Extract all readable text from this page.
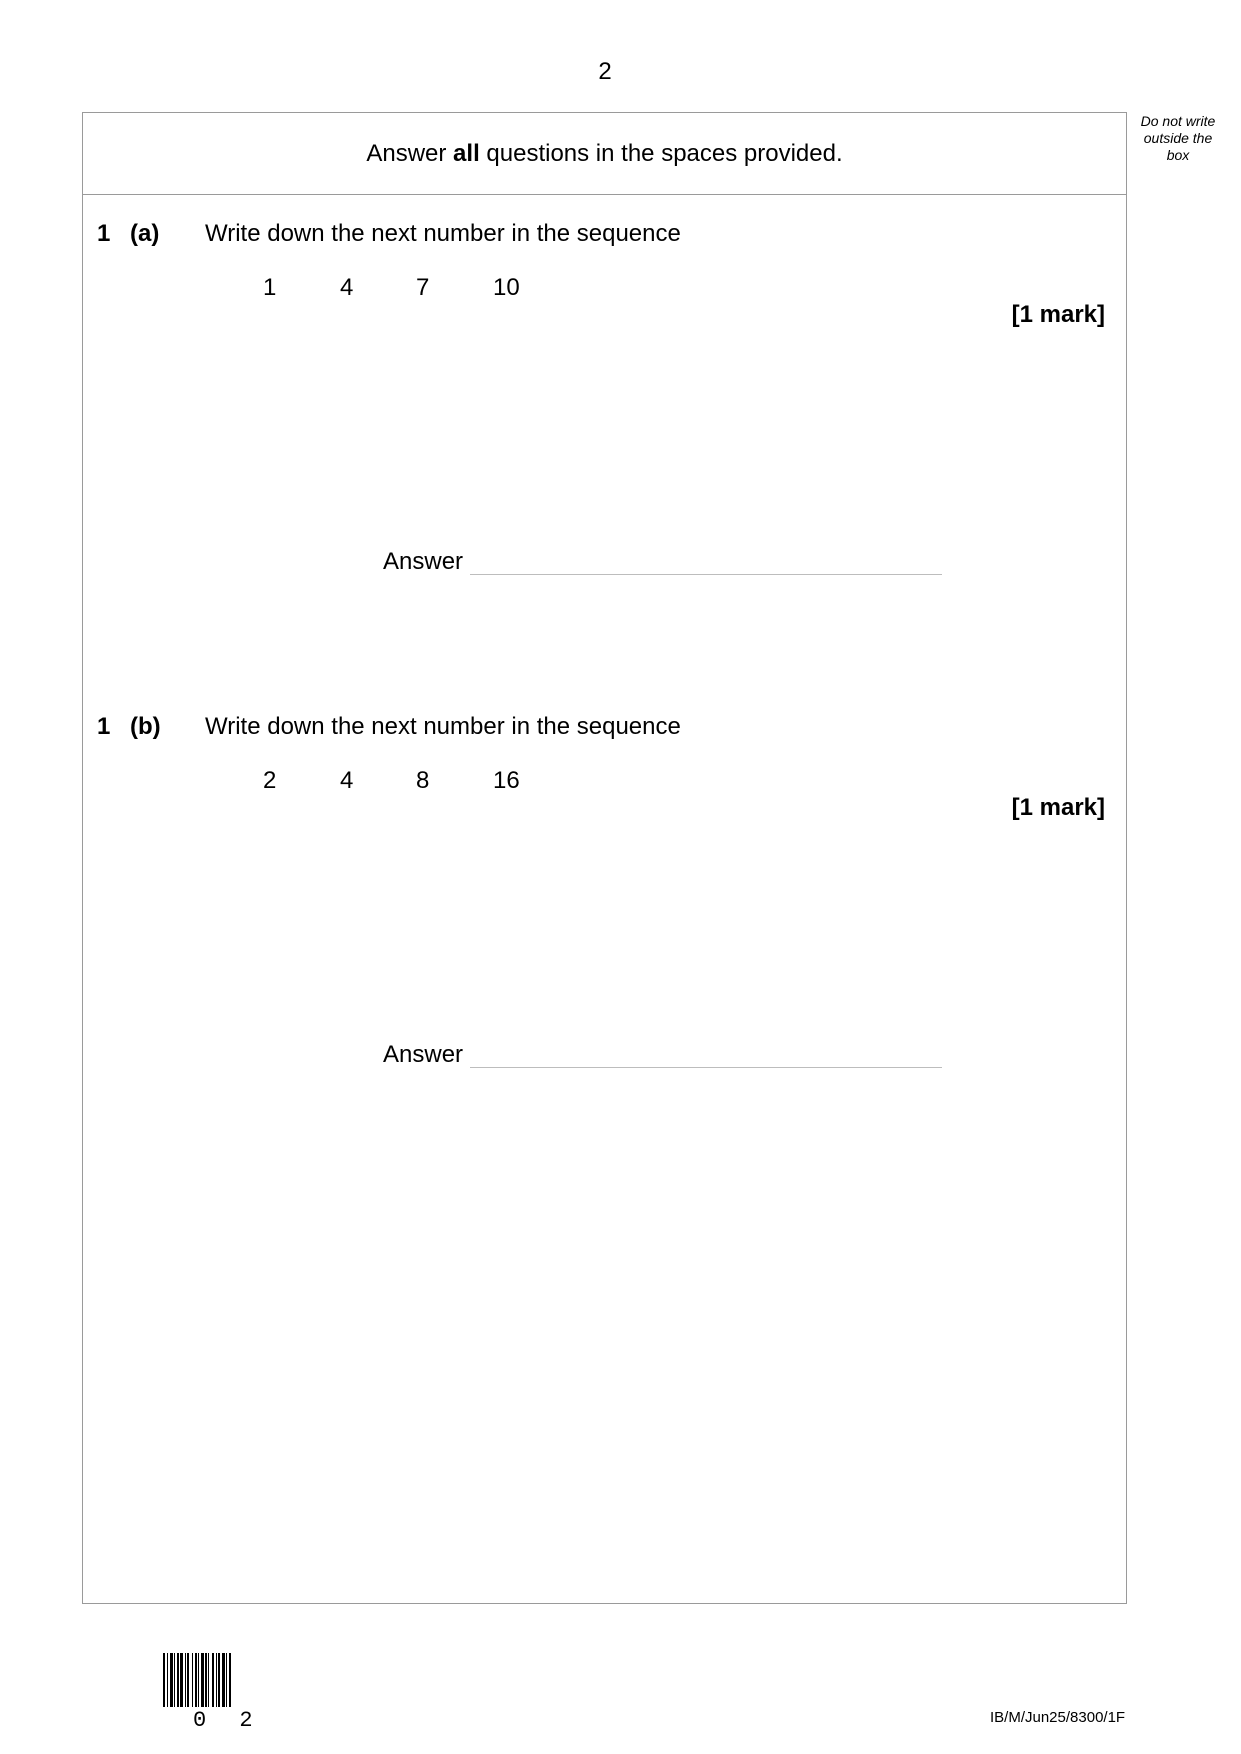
2
Do not write
outside the
box
Answer all questions in the spaces provided.
1 (a) Write down the next number in the sequence
1	4	7	10
[1 mark]
Answer
1 (b) Write down the next number in the sequence
2	4	8	16
[1 mark]
Answer
0 2	IB/M/Jun25/8300/1F
